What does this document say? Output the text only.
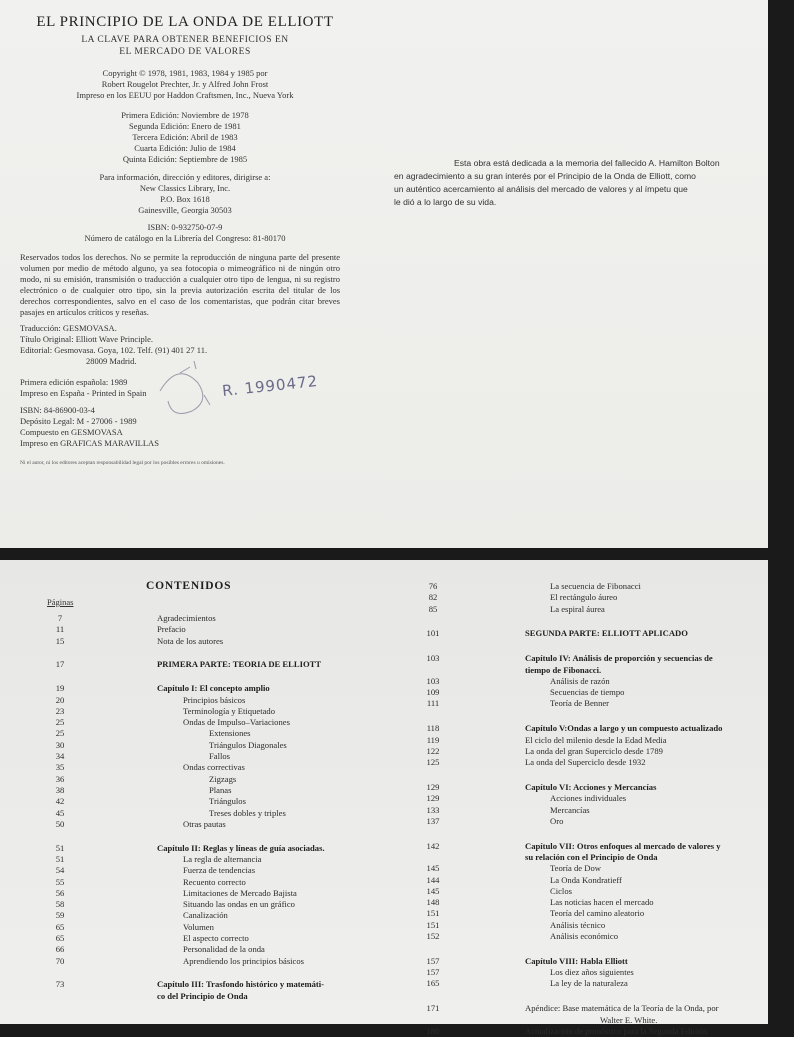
EL PRINCIPIO DE LA ONDA DE ELLIOTT
LA CLAVE PARA OBTENER BENEFICIOS EN
EL MERCADO DE VALORES
Copyright © 1978, 1981, 1983, 1984 y 1985 por
Robert Rougelot Prechter, Jr. y Alfred John Frost
Impreso en los EEUU por Haddon Craftsmen, Inc., Nueva York
Primera Edición: Noviembre de 1978
Segunda Edición: Enero de 1981
Tercera Edición: Abril de 1983
Cuarta Edición: Julio de 1984
Quinta Edición: Septiembre de 1985
Para información, dirección y editores, dirigirse a:
New Classics Library, Inc.
P.O. Box 1618
Gainesville, Georgia 30503
ISBN: 0-932750-07-9
Número de catálogo en la Librería del Congreso: 81-80170
Reservados todos los derechos. No se permite la reproducción de ninguna parte del presente volumen por medio de método alguno, ya sea fotocopia o mimeográfico ni de ningún otro modo, ni su emisión, transmisión o traducción a cualquier otro tipo de lengua, ni su registro electrónico o de cualquier otro tipo, sin la previa autorización escrita del titular de los derechos correspondientes, salvo en el caso de los comentaristas, que podrán citar breves pasajes en artículos críticos y reseñas.
Traducción: GESMOVASA.
Título Original: Elliott Wave Principle.
Editorial: Gesmovasa. Goya, 102. Telf. (91) 401 27 11.
28009 Madrid.
Primera edición española: 1989
Impreso en España - Printed in Spain
ISBN: 84-86900-03-4
Depósito Legal: M - 27006 - 1989
Compuesto en GESMOVASA
Impreso en GRAFICAS MARAVILLAS
Ni el autor, ni los editores aceptan responsabilidad legal por los posibles errores u omisiones.
R. 1990472
Esta obra está dedicada a la memoria del fallecido A. Hamilton Bolton
en agradecimiento a su gran interés por el Principio de la Onda de Elliott, como
un auténtico acercamiento al análisis del mercado de valores y al ímpetu que
le dió a lo largo de su vida.
CONTENIDOS
Páginas
7	Agradecimientos
11	Prefacio
15	Nota de los autores
17	PRIMERA PARTE: TEORIA DE ELLIOTT
19	Capítulo I: El concepto amplio
20	Principios básicos
23	Terminología y Etiquetado
25	Ondas de Impulso–Variaciones
25	Extensiones
30	Triángulos Diagonales
34	Fallos
35	Ondas correctivas
36	Zigzags
38	Planas
42	Triángulos
45	Treses dobles y triples
50	Otras pautas
51	Capítulo II: Reglas y líneas de guía asociadas.
51	La regla de alternancia
54	Fuerza de tendencias
55	Recuento correcto
56	Limitaciones de Mercado Bajista
58	Situando las ondas en un gráfico
59	Canalización
65	Volumen
65	El aspecto correcto
66	Personalidad de la onda
70	Aprendiendo los principios básicos
73	Capítulo III: Trasfondo histórico y matemáti-
co del Principio de Onda
76	La secuencia de Fibonacci
82	El rectángulo áureo
85	La espiral áurea
101	SEGUNDA PARTE: ELLIOTT APLICADO
103	Capítulo IV: Análisis de proporción y secuencias de
tiempo de Fibonacci.
103	Análisis de razón
109	Secuencias de tiempo
111	Teoría de Benner
118	Capítulo V:Ondas a largo y un compuesto actualizado
119	El ciclo del milenio desde la Edad Media
122	La onda del gran Superciclo desde 1789
125	La onda del Superciclo desde 1932
129	Capítulo VI: Acciones y Mercancías
129	Acciones individuales
133	Mercancías
137	Oro
142	Capítulo VII: Otros enfoques al mercado de valores y
su relación con el Principio de Onda
145	Teoría de Dow
144	La Onda Kondratieff
145	Ciclos
148	Las noticias hacen el mercado
151	Teoría del camino aleatorio
151	Análisis técnico
152	Análisis económico
157	Capítulo VIII: Habla Elliott
157	Los diez años siguientes
165	La ley de la naturaleza
171	Apéndice: Base matemática de la Teoría de la Onda, por
Walter E. White.
180	Actualización de pronóstico para la Segunda Edición
